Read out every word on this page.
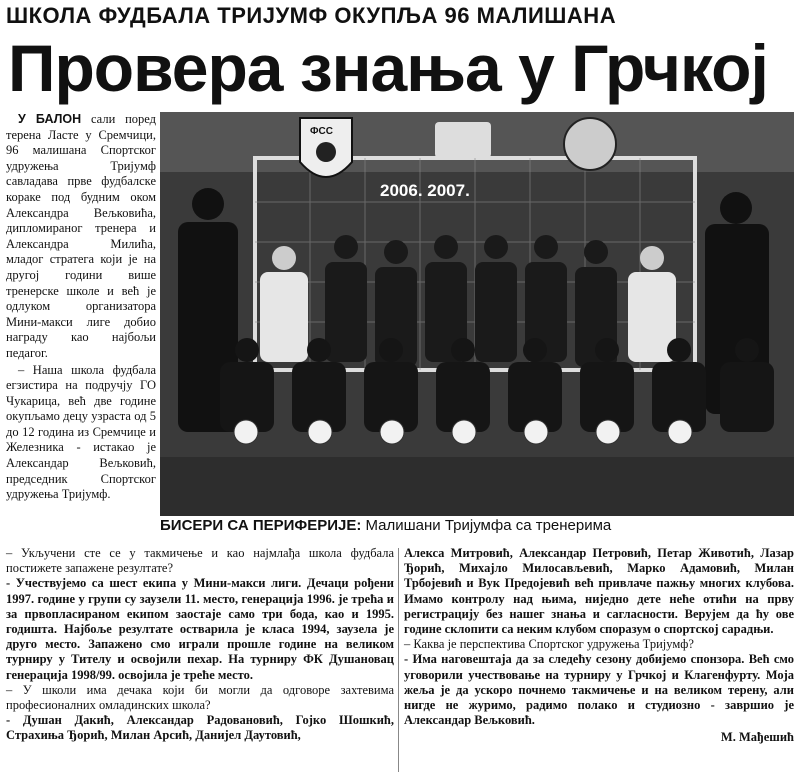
ШКОЛА ФУДБАЛА ТРИЈУМФ ОКУПЉА 96 МАЛИШАНА
Провера знања у Грчкој

У БАЛОН сали поред терена Ласте у Сремчици, 96 малишана Спортског удружења Тријумф савладава прве фудбалске кораке под будним оком Александра Вељковића, дипломираног тренера и Александра Милића, младог стратега који је на другој години више тренерске школе и већ је одлуком организатора Мини-макси лиге добио награду као најбољи педагог.

– Наша школа фудбала егзистира на подручју ГО Чукарица, већ две године окупљамо децу узраста од 5 до 12 година из Сремчице и Железника - истакао је Александар Вељковић, председник Спортског удружења Тријумф.

ФСС
2006. 2007.
БИСЕРИ СА ПЕРИФЕРИЈЕ: Малишани Тријумфа са тренерима

– Укључени сте се у такмичење и као најмлађа школа фудбала постижете запажене резултате?

- Учествујемо са шест екипа у Мини-макси лиги. Дечаци рођени 1997. године у групи су заузели 11. место, генерација 1996. је трећа и за првопласираном екипом заостаје само три бода, као и 1995. годишта. Најбоље резултате остварила је класа 1994, заузела је друго место. Запажено смо играли прошле године на великом турниру у Тителу и освојили пехар. На турниру ФК Душановац генерација 1998/99. освојила је треће место.

– У школи има дечака који би могли да одговоре захтевима професионалних омладинских школа?

- Душан Дакић, Александар Радовановић, Гојко Шошкић, Страхиња Ђорић, Милан Арсић, Данијел Даутовић,

Алекса Митровић, Александар Петровић, Петар Животић, Лазар Ђорић, Михајло Милосављевић, Марко Адамовић, Милан Трбојевић и Вук Предојевић већ привлаче пажњу многих клубова. Имамо контролу над њима, ниједно дете неће отићи на прву регистрацију без нашег знања и сагласности. Верујем да ћу ове године склопити са неким клубом споразум о спортској сарадњи.

– Каква је перспектива Спортског удружења Тријумф?

- Има наговештаја да за следећу сезону добијемо спонзора. Већ смо уговорили учествовање на турниру у Грчкој и Клагенфурту. Моја жеља је да ускоро почнемо такмичење и на великом терену, али нигде не журимо, радимо полако и студиозно - завршио је Александар Вељковић.

М. Мађешић
